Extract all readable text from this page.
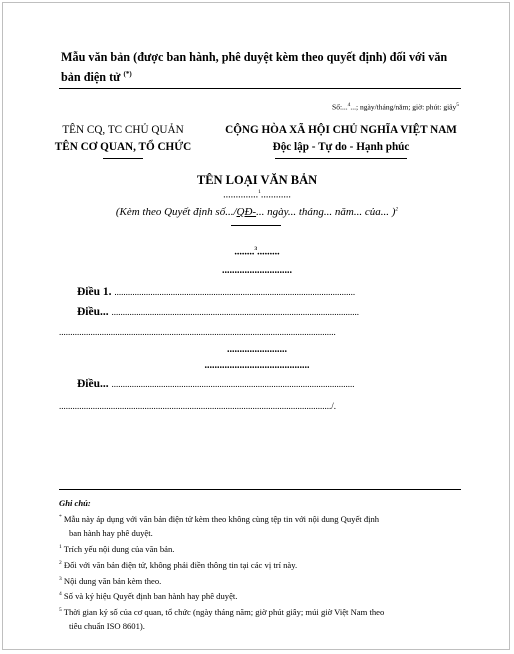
Mẫu văn bản (được ban hành, phê duyệt kèm theo quyết định) đối với văn
bản điện tử (*)
Số:...$^4$...; ngày/tháng/năm; giờ: phút: giây$^5$
TÊN CQ, TC CHỦ QUẢN
TÊN CƠ QUAN, TỔ CHỨC
CỘNG HÒA XÃ HỘI CHỦ NGHĨA VIỆT NAM
Độc lập - Tự do - Hạnh phúc
TÊN LOẠI VĂN BẢN
..............$^1$............
(Kèm theo Quyết định số.../QĐ-... ngày... tháng... năm... của... )$^2$
........$^3$.........
............................
Điều 1. ...........................................................................................................
Điều... ..............................................................................................................
...........................................................................................................................
........................
..........................................
Điều... ............................................................................................................
........................................................................................................................./.
Ghi chú:
* Mẫu này áp dụng với văn bản điện tử kèm theo không cùng tệp tin với nội dung Quyết định
ban hành hay phê duyệt.
$^1$ Trích yếu nội dung của văn bản.
$^2$ Đối với văn bản điện tử, không phải điền thông tin tại các vị trí này.
$^3$ Nội dung văn bản kèm theo.
$^4$ Số và ký hiệu Quyết định ban hành hay phê duyệt.
$^5$ Thời gian ký số của cơ quan, tổ chức (ngày tháng năm; giờ phút giây; múi giờ Việt Nam theo
tiêu chuẩn ISO 8601).
